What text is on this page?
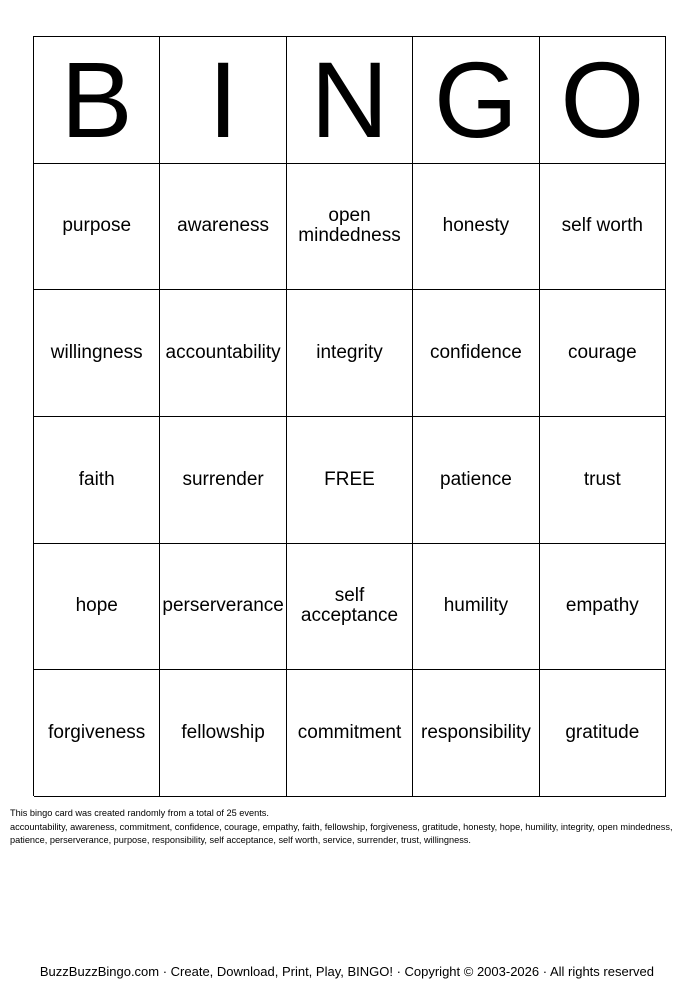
B I N G O
purpose	awareness	open mindedness	honesty	self worth
willingness	accountability	integrity	confidence	courage
faith	surrender	FREE	patience	trust
hope	perserverance	self acceptance	humility	empathy
forgiveness	fellowship	commitment	responsibility	gratitude
This bingo card was created randomly from a total of 25 events.
accountability, awareness, commitment, confidence, courage, empathy, faith, fellowship, forgiveness, gratitude, honesty, hope, humility, integrity, open mindedness, patience, perserverance, purpose, responsibility, self acceptance, self worth, service, surrender, trust, willingness.
BuzzBuzzBingo.com · Create, Download, Print, Play, BINGO! · Copyright © 2003-2026 · All rights reserved
